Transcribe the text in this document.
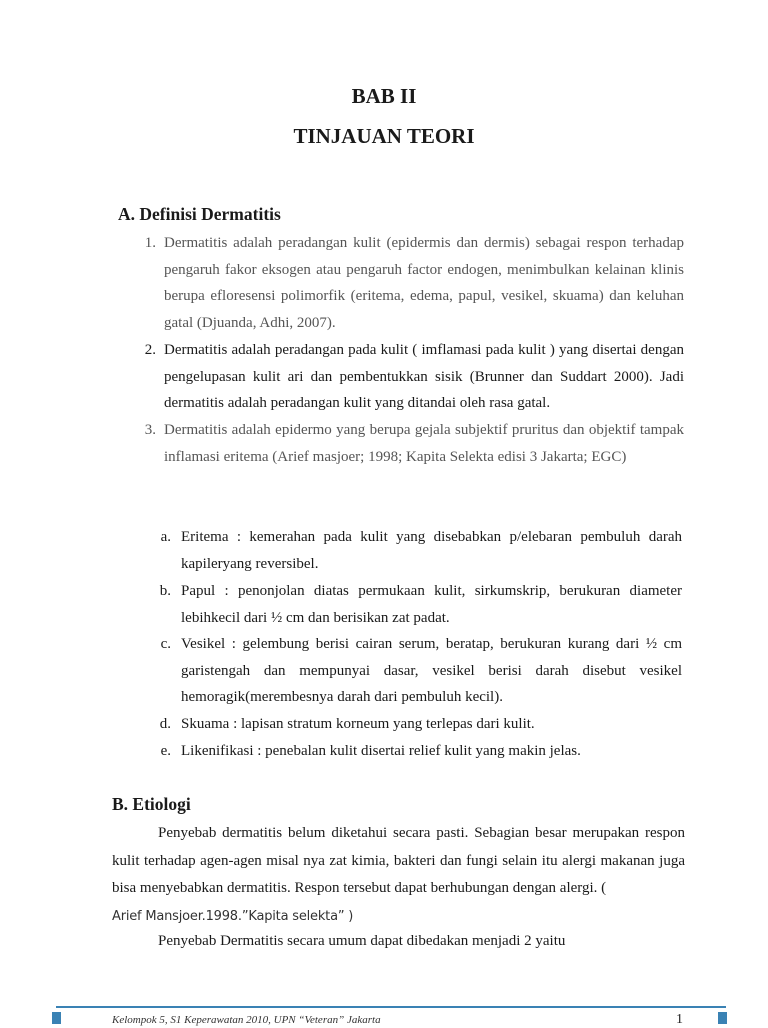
BAB II
TINJAUAN TEORI
A. Definisi Dermatitis
1. Dermatitis adalah peradangan kulit (epidermis dan dermis) sebagai respon terhadap pengaruh fakor eksogen atau pengaruh factor endogen, menimbulkan kelainan klinis berupa efloresensi polimorfik (eritema, edema, papul, vesikel, skuama) dan keluhan gatal (Djuanda, Adhi, 2007).
2. Dermatitis adalah peradangan pada kulit ( imflamasi pada kulit ) yang disertai dengan pengelupasan kulit ari dan pembentukkan sisik (Brunner dan Suddart 2000). Jadi dermatitis adalah peradangan kulit yang ditandai oleh rasa gatal.
3. Dermatitis adalah epidermo yang berupa gejala subjektif pruritus dan objektif tampak inflamasi eritema (Arief masjoer; 1998; Kapita Selekta edisi 3 Jakarta; EGC)
a. Eritema : kemerahan pada kulit yang disebabkan p/elebaran pembuluh darah kapileryang reversibel.
b. Papul : penonjolan diatas permukaan kulit, sirkumskrip, berukuran diameter lebihkecil dari ½ cm dan berisikan zat padat.
c. Vesikel : gelembung berisi cairan serum, beratap, berukuran kurang dari ½ cm garistengah dan mempunyai dasar, vesikel berisi darah disebut vesikel hemoragik(merembesnya darah dari pembuluh kecil).
d. Skuama : lapisan stratum korneum yang terlepas dari kulit.
e. Likenifikasi : penebalan kulit disertai relief kulit yang makin jelas.
B. Etiologi

Penyebab dermatitis belum diketahui secara pasti. Sebagian besar merupakan respon kulit terhadap agen-agen misal nya zat kimia, bakteri dan fungi selain itu alergi makanan juga bisa menyebabkan dermatitis. Respon tersebut dapat berhubungan dengan alergi. (
Arief Mansjoer.1998.”Kapita selekta” )

Penyebab Dermatitis secara umum dapat dibedakan menjadi 2 yaitu

Kelompok 5, S1 Keperawatan 2010, UPN “Veteran” Jakarta	1
